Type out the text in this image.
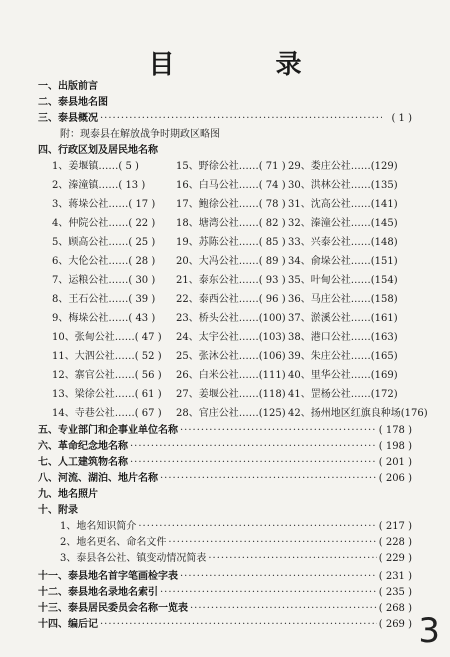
目 录
一、出版前言
二、泰县地名图
三、泰县概况 ·····	( 1 )
附：现泰县在解放战争时期政区略图
四、行政区划及居民地名称
1、姜堰镇……( 5 )
2、溱潼镇……( 13 )
3、蒋垛公社……( 17 )
4、仲院公社……( 22 )
5、顾高公社……( 25 )
6、大伦公社……( 28 )
7、运粮公社……( 30 )
8、王石公社……( 39 )
9、梅垛公社……( 43 )
10、张甸公社……( 47 )
11、大泗公社……( 52 )
12、寨官公社……( 56 )
13、梁徐公社……( 61 )
14、寺巷公社……( 67 )
15、野徐公社……( 71 )
16、白马公社……( 74 )
17、鲍徐公社……( 78 )
18、塘湾公社……( 82 )
19、苏陈公社……( 85 )
20、大冯公社……( 89 )
21、泰东公社……( 93 )
22、泰西公社……( 96 )
23、桥头公社……(100)
24、太宇公社……(103)
25、张沐公社……(106)
26、白米公社……(111)
27、姜堰公社……(118)
28、官庄公社……(125)
29、娄庄公社……(129)
30、洪林公社……(135)
31、沈高公社……(141)
32、溱潼公社……(145)
33、兴泰公社……(148)
34、俞垛公社……(151)
35、叶甸公社……(154)
36、马庄公社……(158)
37、淤溪公社……(161)
38、港口公社……(163)
39、朱庄公社……(165)
40、里华公社……(169)
41、罡杨公社……(172)
42、扬州地区红旗良种场(176)
五、专业部门和企事业单位名称 ·····	( 178 )
六、革命纪念地名称 ·····	( 198 )
七、人工建筑物名称 ·····	( 201 )
八、河流、湖泊、地片名称 ·····	( 206 )
九、地名照片
十、附录
1、地名知识简介 ·····	( 217 )
2、地名更名、命名文件 ·····	( 228 )
3、泰县各公社、镇变动情况简表 ·····	( 229 )
十一、泰县地名首字笔画检字表 ·····	( 231 )
十二、泰县地名录地名索引 ·····	( 235 )
十三、泰县居民委员会名称一览表 ·····	( 268 )
十四、编后记 ·····	( 269 ) 3
